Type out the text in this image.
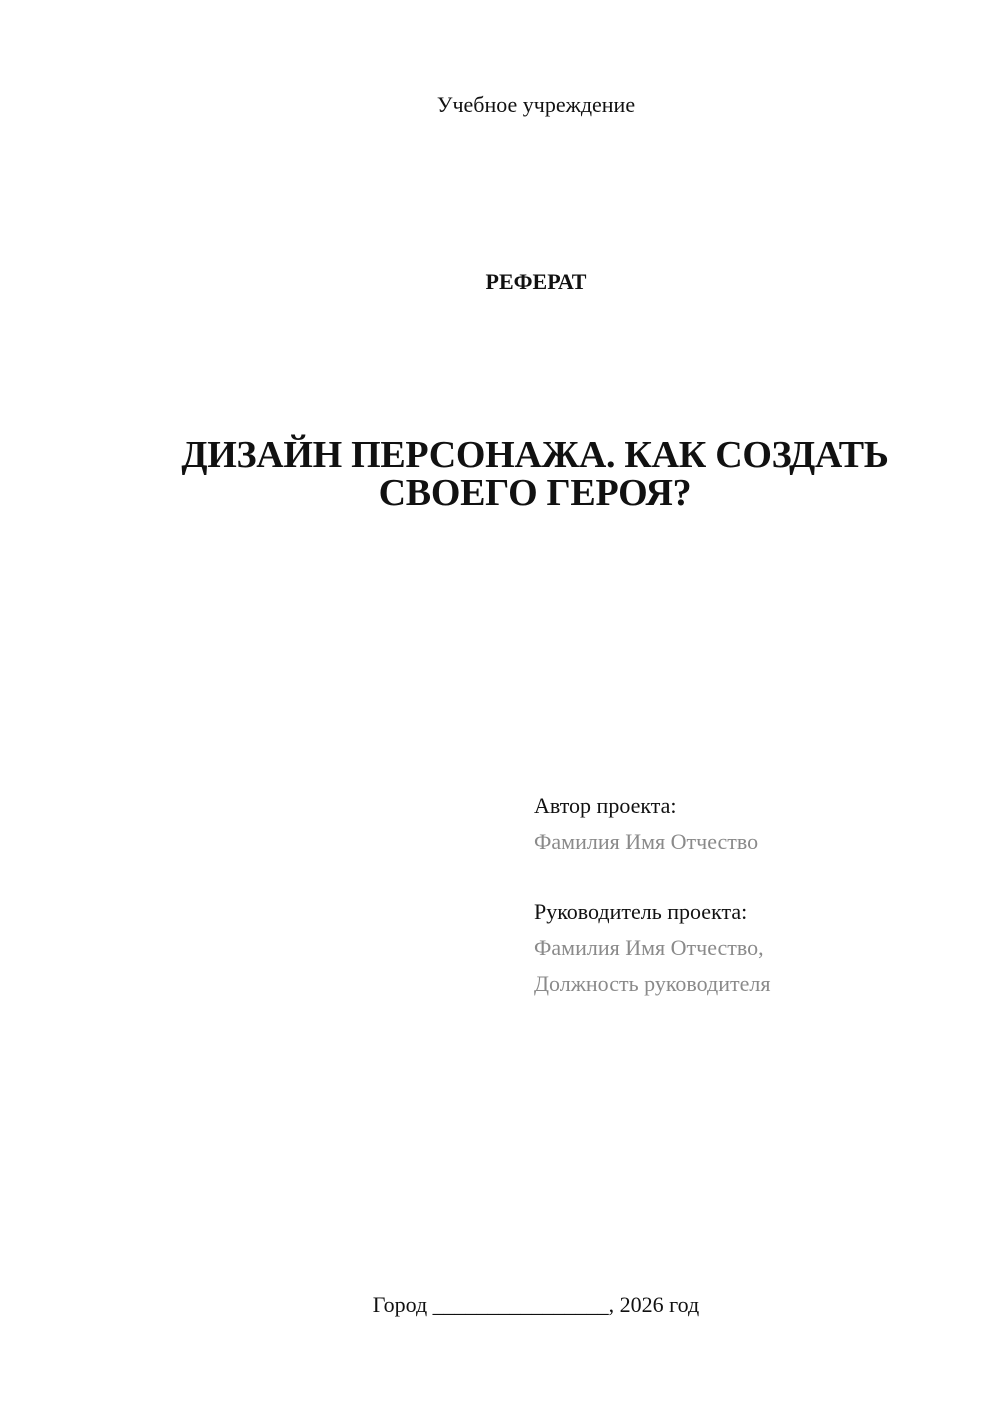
Учебное учреждение

РЕФЕРАТ

ДИЗАЙН ПЕРСОНАЖА. КАК СОЗДАТЬ
СВОЕГО ГЕРОЯ?

Автор проекта:

Фамилия Имя Отчество

Руководитель проекта:

Фамилия Имя Отчество,

Должность руководителя

Город ________________, 2026 год
